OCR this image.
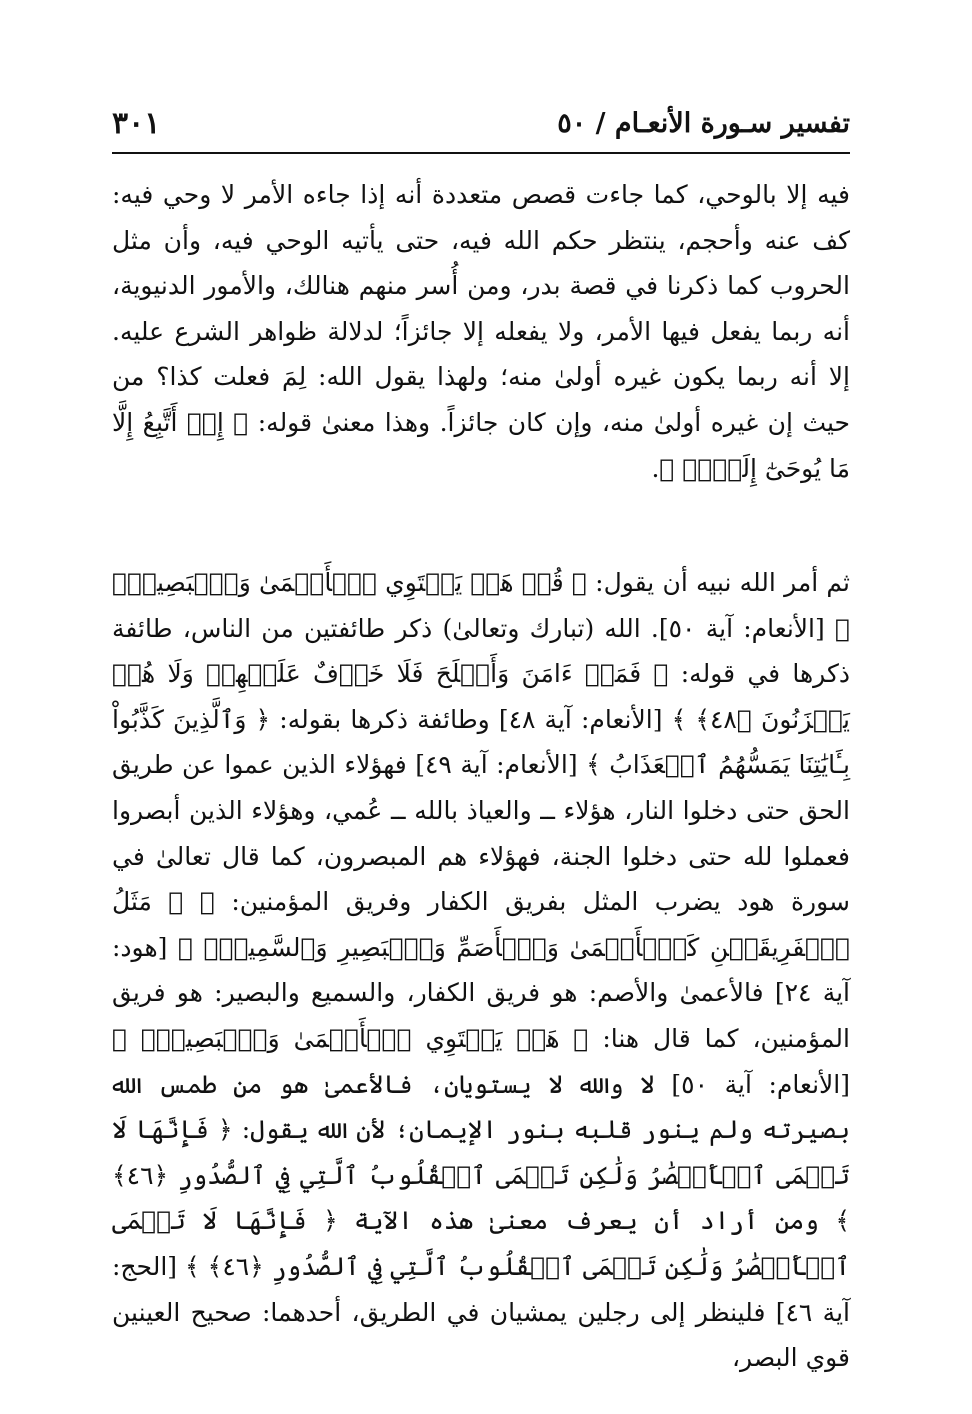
تفسير سـورة الأنعـام / ٥٠
٣٠١

فيه إلا بالوحي، كما جاءت قصص متعددة أنه إذا جاءه الأمر لا وحي فيه: كف عنه وأحجم، ينتظر حكم الله فيه، حتى يأتيه الوحي فيه، وأن مثل الحروب كما ذكرنا في قصة بدر، ومن أُسر منهم هنالك، والأمور الدنيوية، أنه ربما يفعل فيها الأمر، ولا يفعله إلا جائزاً؛ لدلالة ظواهر الشرع عليه. إلا أنه ربما يكون غيره أولىٰ منه؛ ولهذا يقول الله: لِمَ فعلت كذا؟ من حيث إن غيره أولىٰ منه، وإن كان جائزاً. وهذا معنىٰ قوله: ﴿ إِنۡ أَتَّبِعُ إِلَّا مَا يُوحَىٰٓ إِلَيَّۚ ﴾.

ثم أمر الله نبيه أن يقول: ﴿ قُلۡ هَلۡ يَسۡتَوِي ٱلۡأَعۡمَىٰ وَٱلۡبَصِيرُۚ ﴾ [الأنعام: آية ٥٠]. الله (تبارك وتعالىٰ) ذكر طائفتين من الناس، طائفة ذكرها في قوله: ﴿ فَمَنۡ ءَامَنَ وَأَصۡلَحَ فَلَا خَوۡفٌ عَلَيۡهِمۡ وَلَا هُمۡ يَحۡزَنُونَ ﴿٤٨﴾ ﴾ [الأنعام: آية ٤٨] وطائفة ذكرها بقوله: ﴿ وَٱلَّذِينَ كَذَّبُواْ بِـَٔايَٰتِنَا يَمَسُّهُمُ ٱلۡعَذَابُ ﴾ [الأنعام: آية ٤٩] فهؤلاء الذين عموا عن طريق الحق حتى دخلوا النار، هؤلاء ــ والعياذ بالله ــ عُمي، وهؤلاء الذين أبصروا فعملوا لله حتى دخلوا الجنة، فهؤلاء هم المبصرون، كما قال تعالىٰ في سورة هود يضرب المثل بفريق الكفار وفريق المؤمنين: ﴿ ۞ مَثَلُ ٱلۡفَرِيقَيۡنِ كَٱلۡأَعۡمَىٰ وَٱلۡأَصَمِّ وَٱلۡبَصِيرِ وَٱلسَّمِيعِۚ ﴾ [هود: آية ٢٤] فالأعمىٰ والأصم: هو فريق الكفار، والسميع والبصير: هو فريق المؤمنين، كما قال هنا: ﴿ هَلۡ يَسۡتَوِي ٱلۡأَعۡمَىٰ وَٱلۡبَصِيرُۚ ﴾ [الأنعام: آية ٥٠] لا والله لا يستويان، فالأعمىٰ هو من طمس الله بصيرته ولم ينور قلبه بنور الإيمان؛ لأن الله يقول: ﴿ فَإِنَّهَا لَا تَعۡمَى ٱلۡأَبۡصَٰرُ وَلَٰكِن تَعۡمَى ٱلۡقُلُوبُ ٱلَّتِي فِي ٱلصُّدُورِ ﴿٤٦﴾ ﴾ ومن أراد أن يعرف معنىٰ هذه الآية ﴿ فَإِنَّهَا لَا تَعۡمَى ٱلۡأَبۡصَٰرُ وَلَٰكِن تَعۡمَى ٱلۡقُلُوبُ ٱلَّتِي فِي ٱلصُّدُورِ ﴿٤٦﴾ ﴾ [الحج: آية ٤٦] فلينظر إلى رجلين يمشيان في الطريق، أحدهما: صحيح العينين قوي البصر،
